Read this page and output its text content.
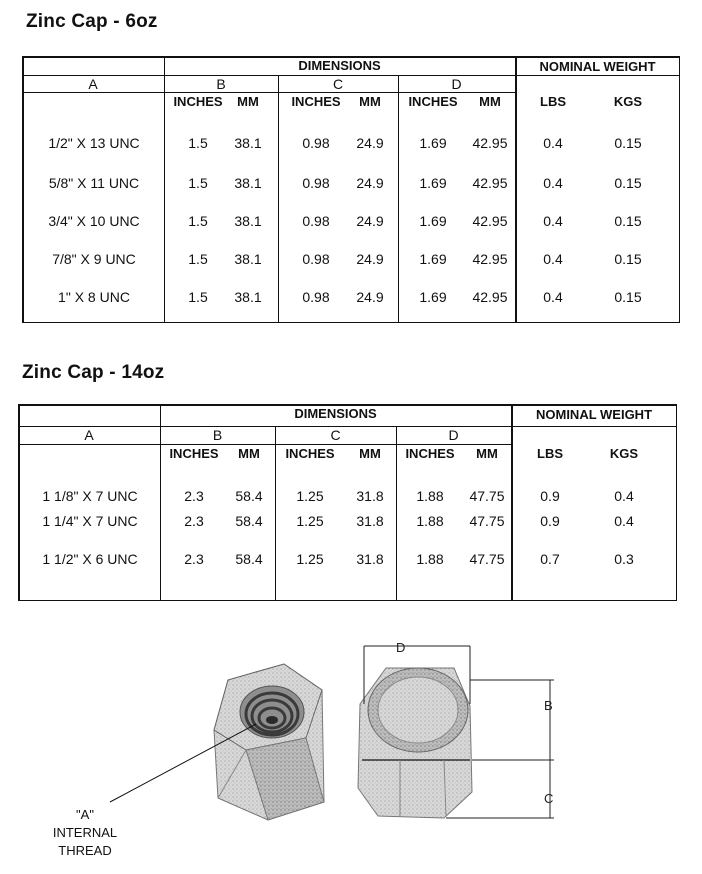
Zinc Cap - 6oz
DIMENSIONS	NOMINAL WEIGHT
A	B	C	D
INCHES	MM	INCHES	MM	INCHES	MM	LBS	KGS
1/2" X 13 UNC	1.5	38.1	0.98	24.9	1.69	42.95	0.4	0.15
5/8" X 11 UNC	1.5	38.1	0.98	24.9	1.69	42.95	0.4	0.15
3/4" X 10 UNC	1.5	38.1	0.98	24.9	1.69	42.95	0.4	0.15
7/8" X 9 UNC	1.5	38.1	0.98	24.9	1.69	42.95	0.4	0.15
1" X 8 UNC	1.5	38.1	0.98	24.9	1.69	42.95	0.4	0.15
Zinc Cap - 14oz
DIMENSIONS	NOMINAL WEIGHT
A	B	C	D
INCHES	MM	INCHES	MM	INCHES	MM	LBS	KGS
1 1/8" X 7 UNC	2.3	58.4	1.25	31.8	1.88	47.75	0.9	0.4
1 1/4" X 7 UNC	2.3	58.4	1.25	31.8	1.88	47.75	0.9	0.4
1 1/2" X 6 UNC	2.3	58.4	1.25	31.8	1.88	47.75	0.7	0.3
D
B
C
"A"
INTERNAL
THREAD
